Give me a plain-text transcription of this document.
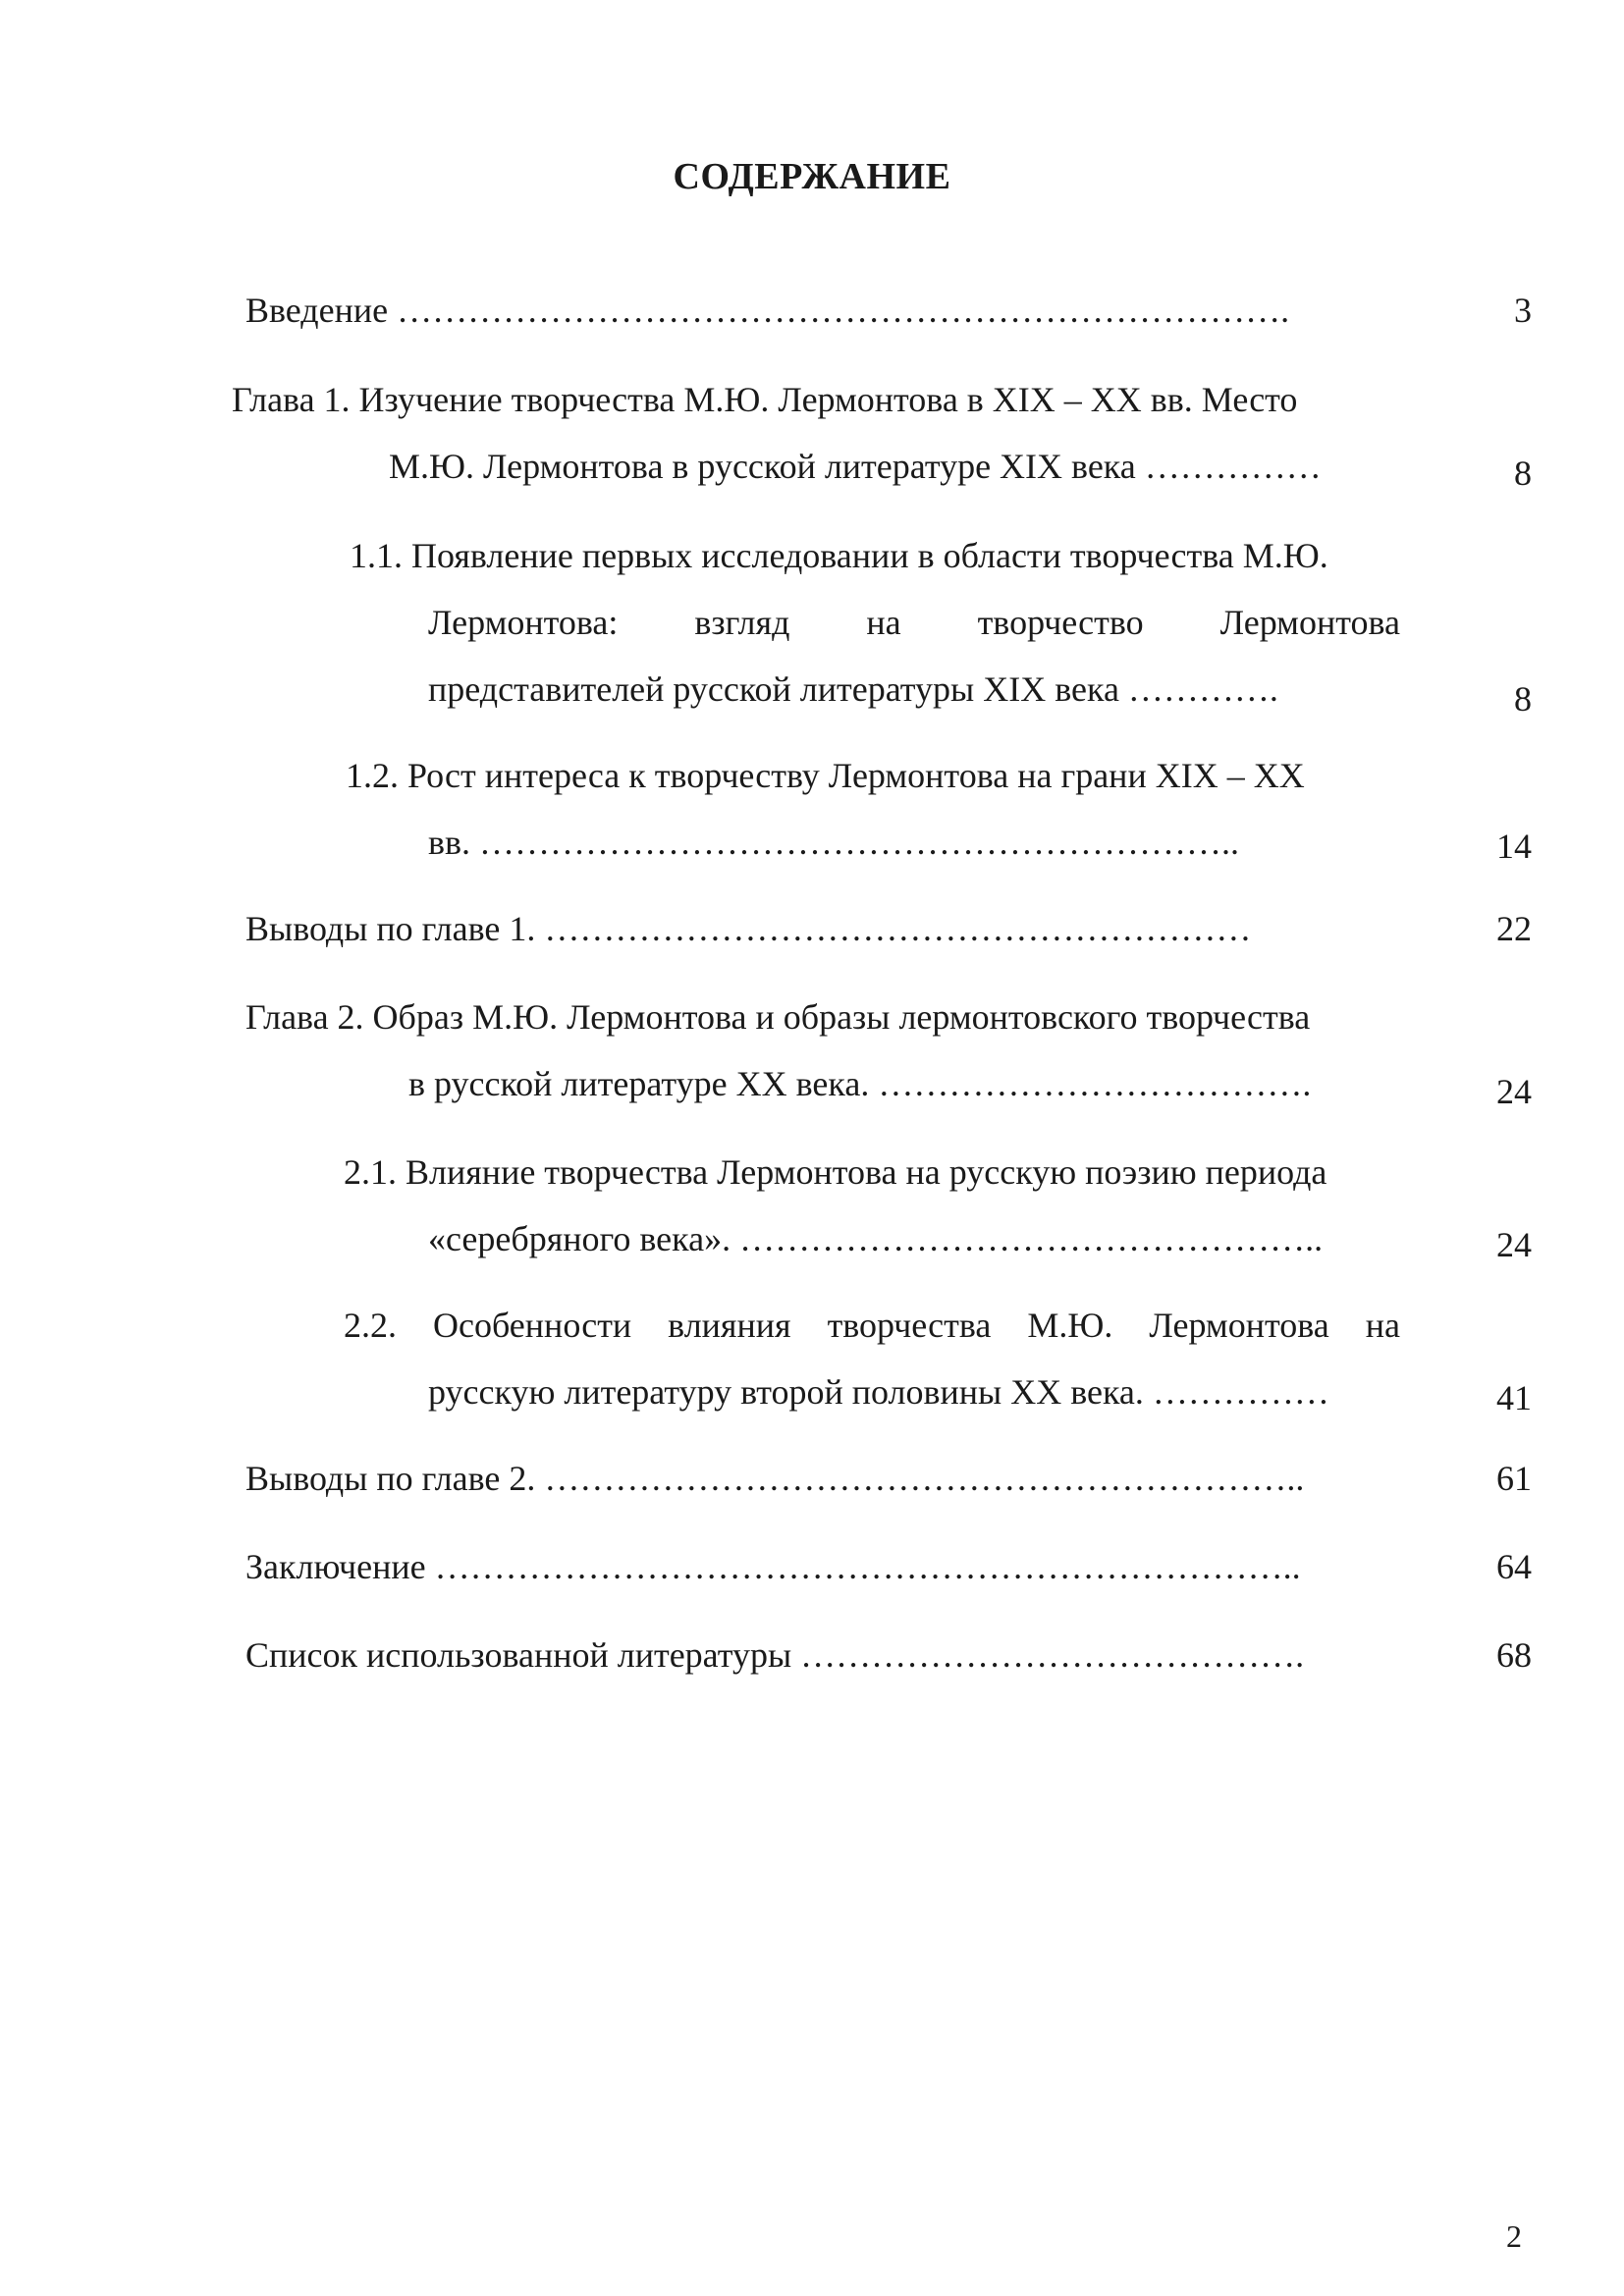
СОДЕРЖАНИЕ
Введение ………………………………………………………………….	3
Глава 1. Изучение творчества М.Ю. Лермонтова в XIX – XX вв. Место
М.Ю. Лермонтова в русской литературе XIX века ……………	8
1.1. Появление первых исследовании в области творчества М.Ю.
Лермонтова: взгляд на творчество Лермонтова
представителей русской литературы XIX века ………….	8
1.2. Рост интереса к творчеству Лермонтова на грани XIX – XX
вв. ………………………………………………………..	14
Выводы по главе 1. ……………………………………………………	22
Глава 2. Образ М.Ю. Лермонтова и образы лермонтовского творчества
в русской литературе XX века. ……………………………….	24
2.1. Влияние творчества Лермонтова на русскую поэзию периода
«серебряного века». …………………………………………..	24
2.2. Особенности влияния творчества М.Ю. Лермонтова на
русскую литературу второй половины XX века. ……………	41
Выводы по главе 2. ………………………………………………………..	61
Заключение ………………………………………………………………..	64
Список использованной литературы …………………………………….	68
2
